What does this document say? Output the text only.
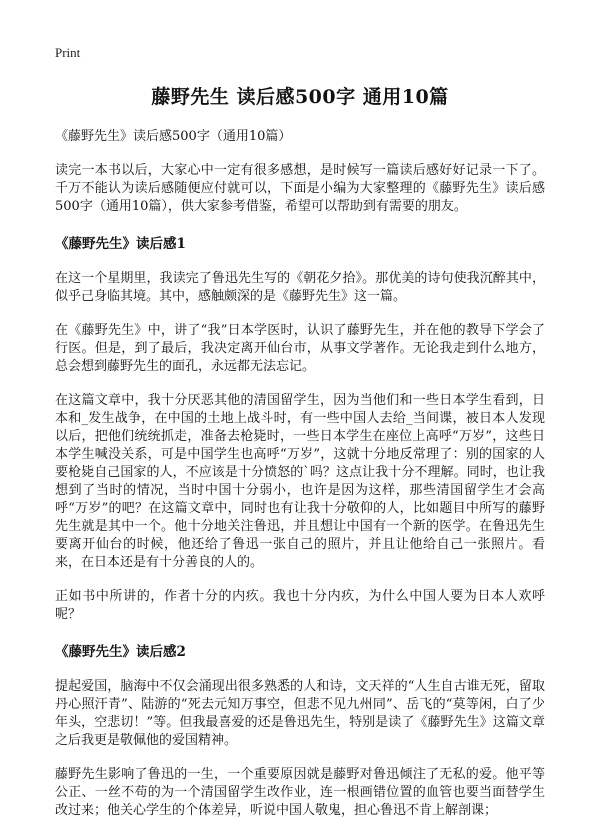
Print
藤野先生 读后感500字 通用10篇
《藤野先生》读后感500字（通用10篇）

读完一本书以后，大家心中一定有很多感想，是时候写一篇读后感好好记录一下了。千万不能认为读后感随便应付就可以，下面是小编为大家整理的《藤野先生》读后感500字（通用10篇），供大家参考借鉴，希望可以帮助到有需要的朋友。

《藤野先生》读后感1

在这一个星期里，我读完了鲁迅先生写的《朝花夕拾》。那优美的诗句使我沉醉其中，似乎己身临其境。其中，感触颇深的是《藤野先生》这一篇。

在《藤野先生》中，讲了“我”日本学医时，认识了藤野先生，并在他的教导下学会了行医。但是，到了最后，我决定离开仙台市，从事文学著作。无论我走到什么地方，总会想到藤野先生的面孔，永远都无法忘记。

在这篇文章中，我十分厌恶其他的清国留学生，因为当他们和一些日本学生看到，日本和_发生战争，在中国的土地上战斗时，有一些中国人去给_当间谍，被日本人发现以后，把他们统统抓走，准备去枪毙时，一些日本学生在座位上高呼“万岁”，这些日本学生喊没关系，可是中国学生也高呼“万岁”，这就十分地反常理了：别的国家的人要枪毙自己国家的人，不应该是十分愤怒的`吗？这点让我十分不理解。同时，也让我想到了当时的情况，当时中国十分弱小，也许是因为这样，那些清国留学生才会高呼“万岁”的吧？在这篇文章中，同时也有让我十分敬仰的人，比如题目中所写的藤野先生就是其中一个。他十分地关注鲁迅，并且想让中国有一个新的医学。在鲁迅先生要离开仙台的时候，他还给了鲁迅一张自己的照片，并且让他给自己一张照片。看来，在日本还是有十分善良的人的。

正如书中所讲的，作者十分的内疚。我也十分内疚，为什么中国人要为日本人欢呼呢？

《藤野先生》读后感2

提起爱国，脑海中不仅会涌现出很多熟悉的人和诗，文天祥的“人生自古谁无死，留取丹心照汗青”、陆游的“死去元知万事空，但悲不见九州同”、岳飞的“莫等闲，白了少年头，空悲切！”等。但我最喜爱的还是鲁迅先生，特别是读了《藤野先生》这篇文章之后我更是敬佩他的爱国精神。

藤野先生影响了鲁迅的一生，一个重要原因就是藤野对鲁迅倾注了无私的爱。他平等公正、一丝不苟的为一个清国留学生改作业，连一根画错位置的血管也要当面替学生改过来；他关心学生的个体差异，听说中国人敬鬼，担心鲁迅不肯上解剖课；
